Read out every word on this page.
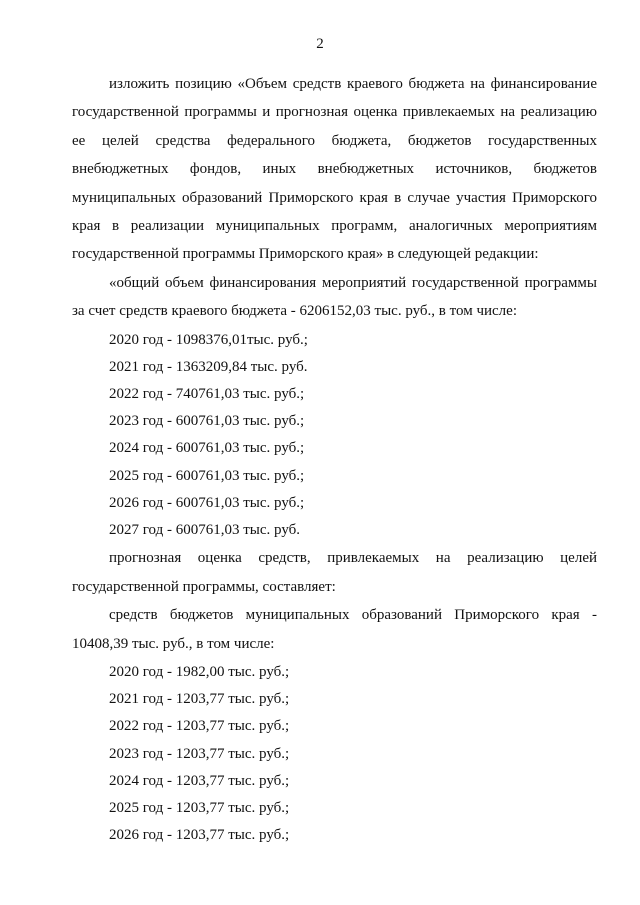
2

изложить позицию «Объем средств краевого бюджета на финансирование государственной программы и прогнозная оценка привлекаемых на реализацию ее целей средства федерального бюджета, бюджетов государственных внебюджетных фондов, иных внебюджетных источников, бюджетов муниципальных образований Приморского края в случае участия Приморского края в реализации муниципальных программ, аналогичных мероприятиям государственной программы Приморского края» в следующей редакции:

«общий объем финансирования мероприятий государственной программы за счет средств краевого бюджета - 6206152,03 тыс. руб., в том числе:

2020 год - 1098376,01тыс. руб.;

2021 год - 1363209,84 тыс. руб.

2022 год - 740761,03 тыс. руб.;

2023 год - 600761,03 тыс. руб.;

2024 год - 600761,03 тыс. руб.;

2025 год - 600761,03 тыс. руб.;

2026 год - 600761,03 тыс. руб.;

2027 год - 600761,03 тыс. руб.

прогнозная оценка средств, привлекаемых на реализацию целей государственной программы, составляет:

средств бюджетов муниципальных образований Приморского края - 10408,39 тыс. руб., в том числе:

2020 год - 1982,00 тыс. руб.;

2021 год - 1203,77 тыс. руб.;

2022 год - 1203,77 тыс. руб.;

2023 год - 1203,77 тыс. руб.;

2024 год - 1203,77 тыс. руб.;

2025 год - 1203,77 тыс. руб.;

2026 год - 1203,77 тыс. руб.;
